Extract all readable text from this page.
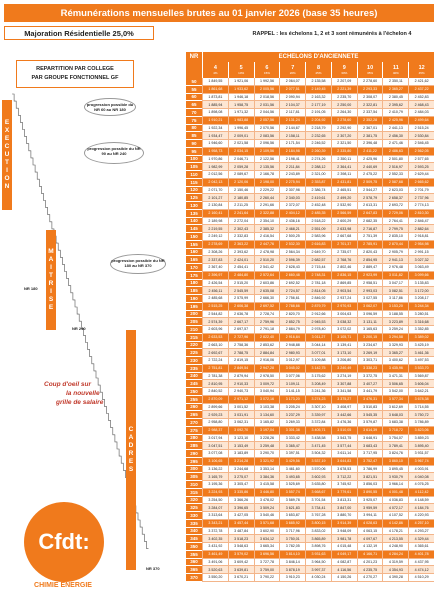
Rémunérations mensuelles brutes au 01 janvier 2026 (base 35 heures)
Majoration Résidentielle 25,0%	RAPPEL : les échelons 1, 2 et 3 sont rémunérés à l'échelon 4
REPARTITION PAR COLLEGE
PAR GROUPE FONCTIONNEL GF
EXECUTION
MAITRISE
CADRES
NR 180
NR 240
NR 370
progression possible du NR 60 au NR 180
progression possible du NR 90 au NR 240
progression possible du NR 180 au NR 370
Coup d'oeil sur
la nouvelle
grille de salaire
Cfdt:
CHIMIE ÉNERGIE
NR	ECHELONS D'ANCIENNETE
4
4%
5
10%
6
15%
7
20%
8
25%
9
30%
10
35%
11
40%
12
45%
50	1 849,55	1 921,06	1 992,56	2 064,07	2 135,58	2 207,09	2 278,60	2 350,11	2 421,62
55	1 861,68	1 933,62	2 005,56	2 077,51	2 149,45	2 221,39	2 293,33	2 365,27	2 437,22
60	1 873,81	1 946,18	2 018,56	2 090,94	2 163,32	2 235,70	2 308,07	2 380,45	2 452,83
65	1 885,94	1 958,75	2 031,56	2 104,37	2 177,19	2 250,00	2 322,81	2 395,62	2 468,43
70	1 898,08	1 971,32	2 044,56	2 117,81	2 191,05	2 264,30	2 337,54	2 410,79	2 484,03
75	1 910,21	1 983,88	2 057,56	2 131,24	2 204,92	2 278,60	2 352,28	2 425,96	2 499,64
80	1 922,34	1 996,45	2 070,56	2 144,67	2 218,79	2 292,90	2 367,01	2 441,13	2 515,24
85	1 934,47	2 009,01	2 083,56	2 158,11	2 232,65	2 307,20	2 381,75	2 456,30	2 530,84
90	1 946,60	2 021,58	2 096,56	2 171,54	2 246,52	2 321,50	2 396,48	2 471,46	2 546,45
95	1 958,73	2 034,15	2 109,56	2 184,98	2 260,39	2 335,80	2 411,22	2 486,63	2 562,05
100	1 970,86	2 046,71	2 122,56	2 198,41	2 274,26	2 350,11	2 425,96	2 501,80	2 577,65
105	1 982,99	2 059,28	2 135,56	2 211,84	2 288,12	2 364,41	2 440,69	2 516,97	2 593,25
110	2 012,56	2 089,67	2 166,78	2 243,89	2 321,00	2 398,11	2 475,22	2 552,33	2 629,44
115	2 042,13	2 120,06	2 198,00	2 275,94	2 353,87	2 431,81	2 509,75	2 587,68	2 665,62
120	2 071,70	2 150,46	2 229,22	2 307,98	2 386,74	2 465,51	2 544,27	2 623,03	2 701,79
125	2 101,27	2 180,85	2 260,44	2 340,03	2 419,61	2 499,20	2 578,79	2 658,37	2 737,96
130	2 130,84	2 211,25	2 291,66	2 372,07	2 452,48	2 532,90	2 613,31	2 693,72	2 774,13
135	2 160,41	2 241,64	2 322,88	2 404,12	2 485,35	2 566,59	2 647,83	2 729,06	2 810,30
140	2 189,98	2 272,04	2 354,10	2 436,16	2 518,22	2 600,29	2 682,35	2 764,41	2 846,47
145	2 219,55	2 302,43	2 385,32	2 468,21	2 551,09	2 633,98	2 716,87	2 799,75	2 882,64
150	2 249,12	2 332,83	2 416,54	2 500,25	2 583,96	2 667,68	2 751,39	2 835,10	2 918,81
155	2 278,69	2 363,22	2 447,76	2 532,30	2 616,83	2 701,37	2 785,91	2 870,44	2 954,98
160	2 308,26	2 393,62	2 478,98	2 564,34	2 649,70	2 735,07	2 820,43	2 905,79	2 991,15
165	2 337,83	2 424,01	2 510,20	2 596,39	2 682,57	2 768,76	2 854,95	2 941,13	3 027,32
170	2 367,40	2 454,41	2 541,42	2 628,43	2 715,44	2 802,46	2 889,47	2 976,48	3 063,49
175	2 396,97	2 484,80	2 572,64	2 660,48	2 748,31	2 836,15	2 923,99	3 011,82	3 099,66
180	2 426,54	2 515,20	2 603,86	2 692,52	2 781,18	2 869,85	2 958,51	3 047,17	3 135,83
185	2 456,11	2 545,59	2 635,08	2 724,57	2 814,05	2 903,54	2 993,03	3 082,51	3 172,00
190	2 485,68	2 575,99	2 666,30	2 756,61	2 846,92	2 937,24	3 027,55	3 117,86	3 208,17
195	2 515,25	2 606,38	2 697,52	2 788,66	2 879,79	2 970,93	3 062,07	3 153,20	3 244,34
200	2 544,82	2 636,78	2 728,74	2 820,70	2 912,66	3 004,63	3 096,59	3 188,55	3 280,51
205	2 574,39	2 667,17	2 759,96	2 852,75	2 945,53	3 038,32	3 131,11	3 223,89	3 316,68
210	2 603,96	2 697,57	2 791,18	2 884,79	2 978,40	3 072,02	3 165,63	3 259,24	3 352,85
215	2 633,53	2 727,96	2 822,40	2 916,84	3 011,27	3 105,71	3 200,15	3 294,58	3 389,02
220	2 663,10	2 758,36	2 853,62	2 948,88	3 044,14	3 139,41	3 234,67	3 329,93	3 425,19
225	2 692,67	2 788,75	2 884,84	2 980,93	3 077,01	3 173,10	3 269,19	3 365,27	3 461,36
230	2 722,24	2 819,15	2 916,06	3 012,97	3 109,88	3 206,80	3 303,71	3 400,62	3 497,53
235	2 751,81	2 849,54	2 947,28	3 045,02	3 142,75	3 240,49	3 338,23	3 435,96	3 533,70
240	2 781,38	2 879,94	2 978,50	3 077,06	3 175,62	3 274,19	3 372,75	3 471,31	3 569,87
245	2 810,95	2 910,33	3 009,72	3 109,11	3 208,49	3 307,88	3 407,27	3 506,65	3 606,04
250	2 840,52	2 940,73	3 040,94	3 141,15	3 241,36	3 341,58	3 441,79	3 542,00	3 642,21
255	2 870,09	2 971,12	3 072,16	3 173,20	3 274,23	3 375,27	3 476,31	3 577,34	3 678,38
260	2 899,66	3 001,52	3 103,38	3 205,24	3 307,10	3 408,97	3 510,83	3 612,69	3 714,55
265	2 929,23	3 031,91	3 134,60	3 237,29	3 339,97	3 442,66	3 545,35	3 648,03	3 750,72
270	2 958,80	3 062,31	3 165,82	3 269,33	3 372,84	3 476,36	3 579,87	3 683,38	3 786,89
275	2 988,37	3 092,70	3 197,04	3 301,38	3 405,71	3 510,05	3 614,39	3 718,72	3 823,06
280	3 017,94	3 123,10	3 228,26	3 333,42	3 438,58	3 543,75	3 648,91	3 754,07	3 859,23
285	3 047,51	3 153,49	3 259,48	3 365,47	3 471,45	3 577,44	3 683,43	3 789,41	3 895,40
290	3 077,08	3 183,89	3 290,70	3 397,51	3 504,32	3 611,14	3 717,95	3 824,76	3 931,57
295	3 106,65	3 214,28	3 321,92	3 429,56	3 537,19	3 644,83	3 752,47	3 860,10	3 967,74
300	3 136,22	3 244,68	3 353,14	3 461,60	3 570,06	3 678,53	3 786,99	3 895,45	4 003,91
305	3 165,79	3 275,07	3 384,36	3 493,65	3 602,93	3 712,22	3 821,51	3 930,79	4 040,08
310	3 195,36	3 305,47	3 415,58	3 525,69	3 635,80	3 745,92	3 856,03	3 966,14	4 076,25
315	3 224,93	3 335,86	3 446,80	3 557,74	3 668,67	3 779,61	3 890,55	4 001,48	4 112,42
320	3 254,50	3 366,26	3 478,02	3 589,78	3 701,54	3 813,31	3 925,07	4 036,83	4 148,59
325	3 284,07	3 396,65	3 509,24	3 621,83	3 734,41	3 847,00	3 959,59	4 072,17	4 184,76
330	3 313,64	3 427,05	3 540,46	3 653,87	3 767,28	3 880,70	3 994,11	4 107,52	4 220,93
335	3 343,21	3 457,44	3 571,68	3 685,92	3 800,15	3 914,39	4 028,63	4 142,86	4 257,10
340	3 372,78	3 487,84	3 602,90	3 717,96	3 833,02	3 948,09	4 063,15	4 178,21	4 293,27
345	3 402,35	3 518,23	3 634,12	3 750,01	3 865,89	3 981,78	4 097,67	4 213,55	4 329,44
350	3 431,92	3 548,63	3 665,34	3 782,05	3 898,76	4 015,48	4 132,19	4 248,90	4 365,61
355	3 461,49	3 579,02	3 696,56	3 814,10	3 931,63	4 049,17	4 166,71	4 284,24	4 401,78
360	3 491,06	3 609,42	3 727,78	3 846,14	3 964,50	4 082,87	4 201,23	4 319,59	4 437,95
365	3 520,63	3 639,81	3 759,00	3 878,19	3 997,37	4 116,56	4 235,75	4 354,93	4 474,12
370	3 550,20	3 670,21	3 790,22	3 910,23	4 030,24	4 150,26	4 270,27	4 390,28	4 510,29
